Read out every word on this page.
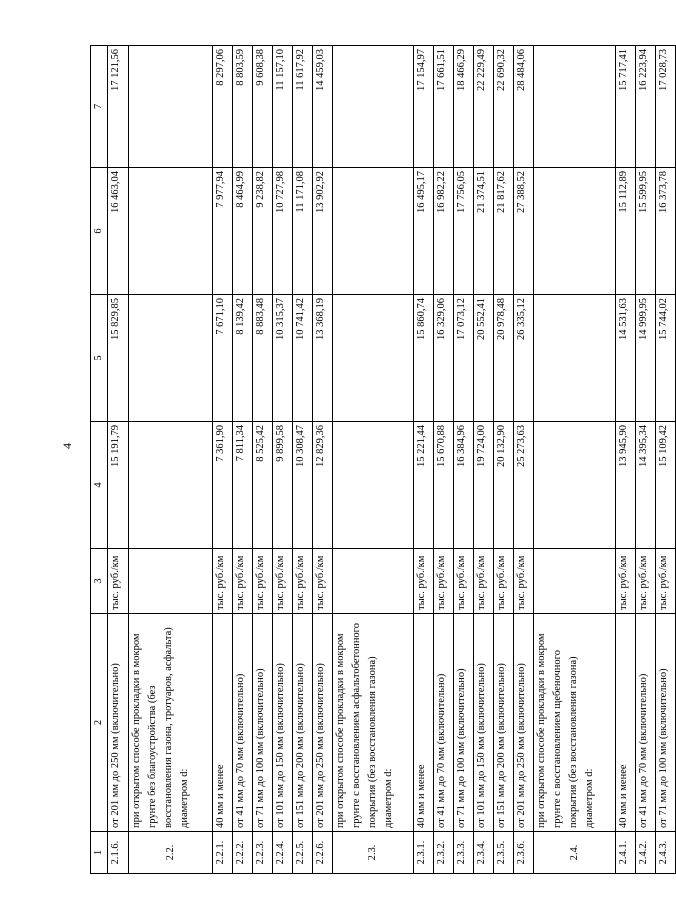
4
1	2	3	4	5	6	7
2.1.6.	от 201 мм до 250 мм (включительно)	тыс. руб./км	15 191,79	15 829,85	16 463,04	17 121,56
2.2.	при открытом способе прокладки в мокром грунте без благоустройства (без восстановления газона, тротуаров, асфальта) диаметром d:					
2.2.1.	40 мм и менее	тыс. руб./км	7 361,90	7 671,10	7 977,94	8 297,06
2.2.2.	от 41 мм до 70 мм (включительно)	тыс. руб./км	7 811,34	8 139,42	8 464,99	8 803,59
2.2.3.	от 71 мм до 100 мм (включительно)	тыс. руб./км	8 525,42	8 883,48	9 238,82	9 608,38
2.2.4.	от 101 мм до 150 мм (включительно)	тыс. руб./км	9 899,58	10 315,37	10 727,98	11 157,10
2.2.5.	от 151 мм до 200 мм (включительно)	тыс. руб./км	10 308,47	10 741,42	11 171,08	11 617,92
2.2.6.	от 201 мм до 250 мм (включительно)	тыс. руб./км	12 829,36	13 368,19	13 902,92	14 459,03
2.3.	при открытом способе прокладки в мокром грунте с восстановлением асфальтобетонного покрытия (без восстановления газона) диаметром d:					
2.3.1.	40 мм и менее	тыс. руб./км	15 221,44	15 860,74	16 495,17	17 154,97
2.3.2.	от 41 мм до 70 мм (включительно)	тыс. руб./км	15 670,88	16 329,06	16 982,22	17 661,51
2.3.3.	от 71 мм до 100 мм (включительно)	тыс. руб./км	16 384,96	17 073,12	17 756,05	18 466,29
2.3.4.	от 101 мм до 150 мм (включительно)	тыс. руб./км	19 724,00	20 552,41	21 374,51	22 229,49
2.3.5.	от 151 мм до 200 мм (включительно)	тыс. руб./км	20 132,90	20 978,48	21 817,62	22 690,32
2.3.6.	от 201 мм до 250 мм (включительно)	тыс. руб./км	25 273,63	26 335,12	27 388,52	28 484,06
2.4.	при открытом способе прокладки в мокром грунте с восстановлением щебеночного покрытия (без восстановления газона) диаметром d:					
2.4.1.	40 мм и менее	тыс. руб./км	13 945,90	14 531,63	15 112,89	15 717,41
2.4.2.	от 41 мм до 70 мм (включительно)	тыс. руб./км	14 395,34	14 999,95	15 599,95	16 223,94
2.4.3.	от 71 мм до 100 мм (включительно)	тыс. руб./км	15 109,42	15 744,02	16 373,78	17 028,73
